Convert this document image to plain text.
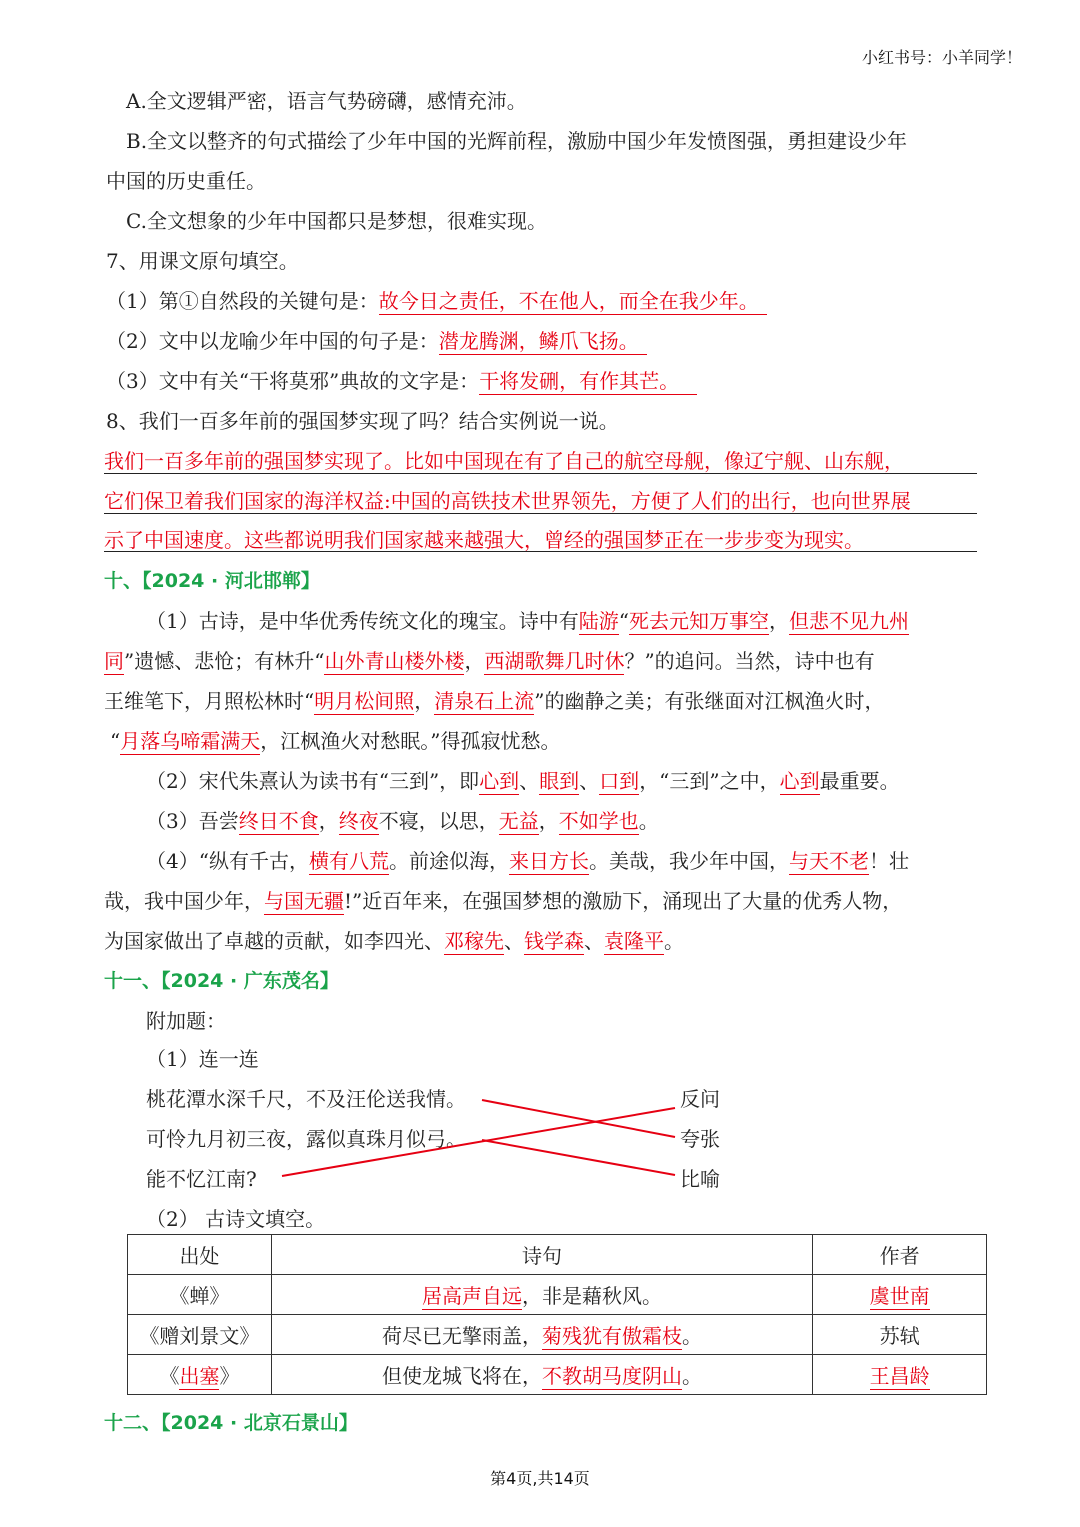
小红书号：小羊同学！
A.全文逻辑严密，语言气势磅礴，感情充沛。
B.全文以整齐的句式描绘了少年中国的光辉前程，激励中国少年发愤图强，勇担建设少年
中国的历史重任。
C.全文想象的少年中国都只是梦想，很难实现。
7、用课文原句填空。
（1）第①自然段的关键句是：故今日之责任，不在他人，而全在我少年。
（2）文中以龙喻少年中国的句子是：潜龙腾渊，鳞爪飞扬。
（3）文中有关“干将莫邪”典故的文字是：干将发硎，有作其芒。
8、我们一百多年前的强国梦实现了吗？结合实例说一说。
我们一百多年前的强国梦实现了。比如中国现在有了自己的航空母舰，像辽宁舰、山东舰，
它们保卫着我们国家的海洋权益:中国的高铁技术世界领先，方便了人们的出行，也向世界展
示了中国速度。这些都说明我们国家越来越强大，曾经的强国梦正在一步步变为现实。
十、【2024 · 河北邯郸】
（1）古诗，是中华优秀传统文化的瑰宝。诗中有陆游“死去元知万事空，但悲不见九州
同”遗憾、悲怆；有林升“山外青山楼外楼，西湖歌舞几时休？”的追问。当然，诗中也有
王维笔下，月照松林时“明月松间照，清泉石上流”的幽静之美；有张继面对江枫渔火时，
“月落乌啼霜满天，江枫渔火对愁眠。”得孤寂忧愁。
（2）宋代朱熹认为读书有“三到”，即心到、眼到、口到，“三到”之中，心到最重要。
（3）吾尝终日不食，终夜不寝，以思，无益，不如学也。
（4）“纵有千古，横有八荒。前途似海，来日方长。美哉，我少年中国，与天不老！壮
哉，我中国少年，与国无疆!”近百年来，在强国梦想的激励下，涌现出了大量的优秀人物，
为国家做出了卓越的贡献，如李四光、邓稼先、钱学森、袁隆平。
十一、【2024 · 广东茂名】
附加题：
（1）连一连
桃花潭水深千尺，不及汪伦送我情。
可怜九月初三夜，露似真珠月似弓。
能不忆江南?
反问
夸张
比喻
（2） 古诗文填空。
出处	诗句	作者
《蝉》	居高声自远，非是藉秋风。	虞世南
《赠刘景文》	荷尽已无擎雨盖，菊残犹有傲霜枝。	苏轼
《出塞》	但使龙城飞将在，不教胡马度阴山。	王昌龄
十二、【2024 · 北京石景山】
第4页,共14页
